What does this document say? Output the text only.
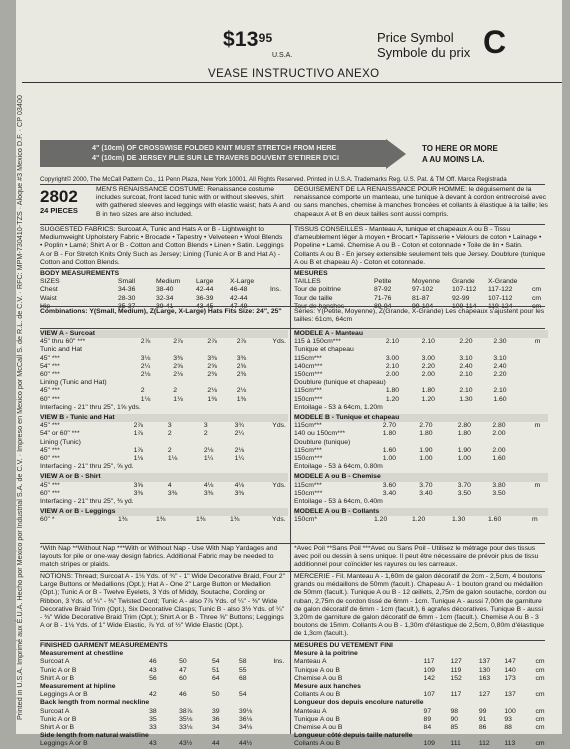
$\$13^{95}$
U.S.A.
Price Symbol
Symbole du prix C
VEASE INSTRUCTIVO ANEXO
Printed in U.S.A. Imprimé aux É.U.A. Hecho por Mexico por Industrial S.A. de C.V. · Impreso en Mexico por McCall S. de R.L. de C.V. · RFC: MPM-730410-TZS · Aloque #3 Mexico D.F. · CP 03400	4" (10cm) OF CROSSWISE FOLDED KNIT MUST STRETCH FROM HERE
4" (10cm) DE JERSEY PLIE SUR LE TRAVERS DOUVENT S'ETIRER D'ICI
TO HERE OR MORE
A AU MOINS LA.
Copyright© 2000, The McCall Pattern Co., 11 Penn Plaza, New York 10001. All Rights Reserved. Printed in U.S.A. Trademarks Reg. U.S. Pat. & TM Off. Marca Registrada
2802
24 PIECES
MEN'S RENAISSANCE COSTUME: Renaissance costume includes surcoat, front laced tunic with or without sleeves, shirt with gathered sleeves and leggings with elastic waist; hats A and B in two sizes are also included.
DEGUISEMENT DE LA RENAISSANCE POUR HOMME: le déguisement de la renaissance comporte un manteau, une tunique à devant à cordon entrecroisé avec ou sans manches, chemise à manches froncées et collants à élastique à la taille; les chapeaux A et B en deux tailles sont aussi compris.
SUGGESTED FABRICS: Surcoat A, Tunic and Hats A or B - Lightweight to Mediumweight Upholstery Fabric • Brocade • Tapestry • Velveteen • Wool Blends • Poplin • Lamé; Shirt A or B - Cotton and Cotton Blends • Linen • Satin. Leggings A or B - For Stretch Knits Only Such as Jersey; Lining (Tunic A or B and Hat A) - Cotton and Cotton Blends.
TISSUS CONSEILLES - Manteau A, tunique et chapeaux A ou B - Tissu d'ameublement léger à moyen • Brocart • Tapisserie • Velours de coton • Lainage • Popeline • Lamé. Chemise A ou B - Coton et cotonnade • Toile de lin • Satin. Collants A ou B - En jersey extensible seulement tels que Jersey. Doublure (tunique A ou B et chapeau A) - Coton et cotonnade.
BODY MEASUREMENTS
SIZES	Small	Medium	Large	X-Large	
Chest	34-36	38-40	42-44	46-48	Ins.
Waist	28-30	32-34	36-39	42-44	
Hip	35-37	39-41	43-45	47-49	
MESURES
TAILLES	Petite	Moyenne	Grande	X-Grande	
Tour de poitrine	87-92	97-102	107-112	117-122	cm
Tour de taille	71-76	81-87	92-99	107-112	cm
Tour de hanches	89-94	99-104	109-114	119-124	cm
Combinations: Y(Small, Medium), Z(Large, X-Large) Hats Fits Size: 24", 25"	Séries: Y(Petite, Moyenne), Z(Grande, X-Grande) Les chapeaux s'ajustent pour les tailles: 61cm, 64cm
VIEW A - Surcoat
45" thru 60" ***	2⅞	2⅞	2⅞	2⅞	Yds.
Tunic and Hat					
45" ***	3⅛	3⅜	3⅜	3⅜	
54" ***	2¼	2⅝	2⅝	2⅝	
60" ***	2⅛	2⅛	2⅜	2⅜	
Lining (Tunic and Hat)					
45" ***	2	2	2⅛	2⅛	
60" ***	1⅛	1⅛	1⅜	1⅜	
Interfacing - 21" thru 25", 1⅝ yds.					
VIEW B - Tunic and Hat
45" ***	2⅞	3	3	3¾	Yds.
54" or 60" ***	1⅞	2	2	2¼	
Lining (Tunic)					
45" ***	1⅞	2	2⅛	2⅛	
60" ***	1⅛	1⅛	1¼	1¼	
Interfacing - 21" thru 25", ⅝ yd.					
VIEW A or B - Shirt
45" ***	3⅝	4	4⅛	4⅛	Yds.
60" ***	3⅜	3⅜	3⅜	3⅜	
Interfacing - 21" thru 25", ⅜ yd.					
VIEW A or B - Leggings
60" *	1⅜	1⅜	1⅜	1⅜	Yds.
MODELE A - Manteau
115 à 150cm***	2.10	2.10	2.20	2.30	m
Tunique et chapeau					
115cm***	3.00	3.00	3.10	3.10	
140cm***	2.10	2.20	2.40	2.40	
150cm***	2.00	2.00	2.10	2.20	
Doublure (tunique et chapeau)					
115cm***	1.80	1.80	2.10	2.10	
150cm***	1.20	1.20	1.30	1.60	
Entoilage - 53 à 64cm, 1.20m					
MODELE B - Tunique et chapeau
115cm***	2.70	2.70	2.80	2.80	m
140 ou 150cm***	1.80	1.80	1.80	2.00	
Doublure (tunique)					
115cm***	1.60	1.90	1.90	2.00	
150cm***	1.00	1.00	1.00	1.60	
Entoilage - 53 à 64cm, 0.80m					
MODELE A ou B - Chemise
115cm***	3.60	3.70	3.70	3.80	m
150cm***	3.40	3.40	3.50	3.50	
Entoilage - 53 à 64cm, 0.40m					
MODELE A ou B - Collants
150cm*	1.20	1.20	1.30	1.60	m
*With Nap **Without Nap ***With or Without Nap - Use With Nap Yardages and layouts for pile or one-way design fabrics. Additional Fabric may be needed to match stripes or plaids.
*Avec Poil **Sans Poil ***Avec ou Sans Poil - Utilisez le métrage pour des tissus avec poil ou dessin à sens unique. Il peut être nécessaire de prévoir plus de tissu additionnel pour coïncider les rayures ou les carreaux.
NOTIONS: Thread; Surcoat A - 1⅛ Yds. of ¾" - 1" Wide Decorative Braid, Four 2" Large Buttons or Medallions (Opt.); Hat A - One 2" Large Button or Medallion (Opt.); Tunic A or B - Twelve Eyelets, 3 Yds of Middy, Soutache, Cording or Ribbon, 3 Yds. of ¼" - ⅜" Twisted Cord; Tunic A - also 7⅞ Yds. of ¼" - ⅜" Wide Decorative Braid Trim (Opt.), Six Decorative Clasps; Tunic B - also 3½ Yds. of ¼" - ⅜" Wide Decorative Braid Trim (Opt.); Shirt A or B - Three ⅝" Buttons; Leggings A or B - 1⅛ Yds. of 1" Wide Elastic, ⅞ Yd. of ½" Wide Elastic (Opt.).
MERCERIE - Fil. Manteau A - 1,60m de galon décoratif de 2cm - 2,5cm, 4 boutons grands ou médaillons de 50mm (facult.). Chapeau A - 1 bouton grand ou médaillon de 50mm (facult.). Tunique A ou B - 12 œillets, 2,75m de galon soutache, cordon ou ruban, 2,75m de cordon tissé de 6mm - 1cm. Tunique A - aussi 7,00m de garniture de galon décoratif de 6mm - 1cm (facult.), 6 agrafes décoratives. Tunique B - aussi 3,20m de garniture de galon décoratif de 6mm - 1cm (facult.). Chemise A ou B - 3 boutons de 15mm. Collants A ou B - 1,30m d'élastique de 2,5cm, 0,80m d'élastique de 1,3cm (facult.).
FINISHED GARMENT MEASUREMENTS
Measurement at chestline					
Surcoat A	46	50	54	58	Ins.
Tunic A or B	43	47	51	55	
Shirt A or B	56	60	64	68	
Measurement at hipline					
Leggings A or B	42	46	50	54	
Back length from normal neckline					
Surcoat A	38	38⅞	39	39⅛	
Tunic A or B	35	35⅛	36	36⅛	
Shirt A or B	33	33⅛	34	34⅛	
Side length from natural waistline					
Leggings A or B	43	43½	44	44½	
MESURES DU VETEMENT FINI
Mesure à la poitrine					
Manteau A	117	127	137	147	cm
Tunique A ou B	109	119	130	140	cm
Chemise A ou B	142	152	163	173	cm
Mesure aux hanches					
Collants A ou B	107	117	127	137	cm
Longueur dos depuis encolure naturelle					
Manteau A	97	98	99	100	cm
Tunique A ou B	89	90	91	93	cm
Chemise A ou B	84	85	86	88	cm
Longueur côté depuis taille naturelle					
Collants A ou B	109	111	112	113	cm
